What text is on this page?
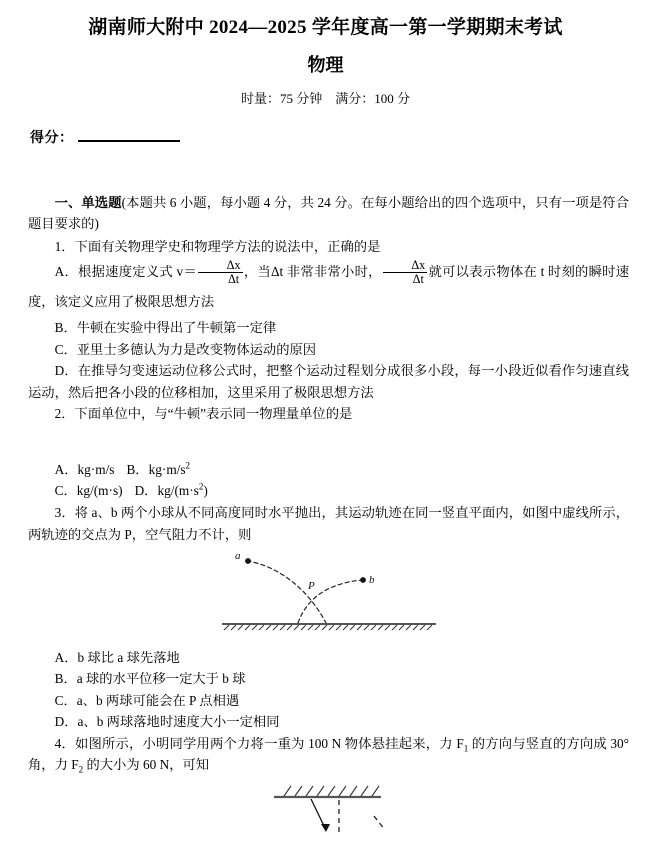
湖南师大附中 2024—2025 学年度高一第一学期期末考试
物理
时量：75 分钟 满分：100 分
得分：
一、单选题(本题共 6 小题，每小题 4 分，共 24 分。在每小题给出的四个选项中，只有一项是符合题目要求的)
1．下面有关物理学史和物理学方法的说法中，正确的是
A．根据速度定义式 $v= \frac{\Delta x}{\Delta t}$ ，当Δt 非常非常小时， $\frac{\Delta x}{\Delta t}$ 就可以表示物体在 t 时刻的瞬时速度，该定义应用了极限思想方法
B．牛顿在实验中得出了牛顿第一定律
C．亚里士多德认为力是改变物体运动的原因
D．在推导匀变速运动位移公式时，把整个运动过程划分成很多小段，每一小段近似看作匀速直线运动，然后把各小段的位移相加，这里采用了极限思想方法
2．下面单位中，与“牛顿”表示同一物理量单位的是
A．kg·m/s B．$kg\cdot m/s^2$
C．kg/(m·s) D．$kg/(m\cdot s^2)$
3．将 a、b 两个小球从不同高度同时水平抛出，其运动轨迹在同一竖直平面内，如图中虚线所示，两轨迹的交点为 P，空气阻力不计，则
a
b
P
A．b 球比 a 球先落地
B．a 球的水平位移一定大于 b 球
C．a、b 两球可能会在 P 点相遇
D．a、b 两球落地时速度大小一定相同
4．如图所示，小明同学用两个力将一重为 100 N 物体悬挂起来，力 $F_1$ 的方向与竖直的方向成 30°角，力 $F_2$ 的大小为 60 N，可知
